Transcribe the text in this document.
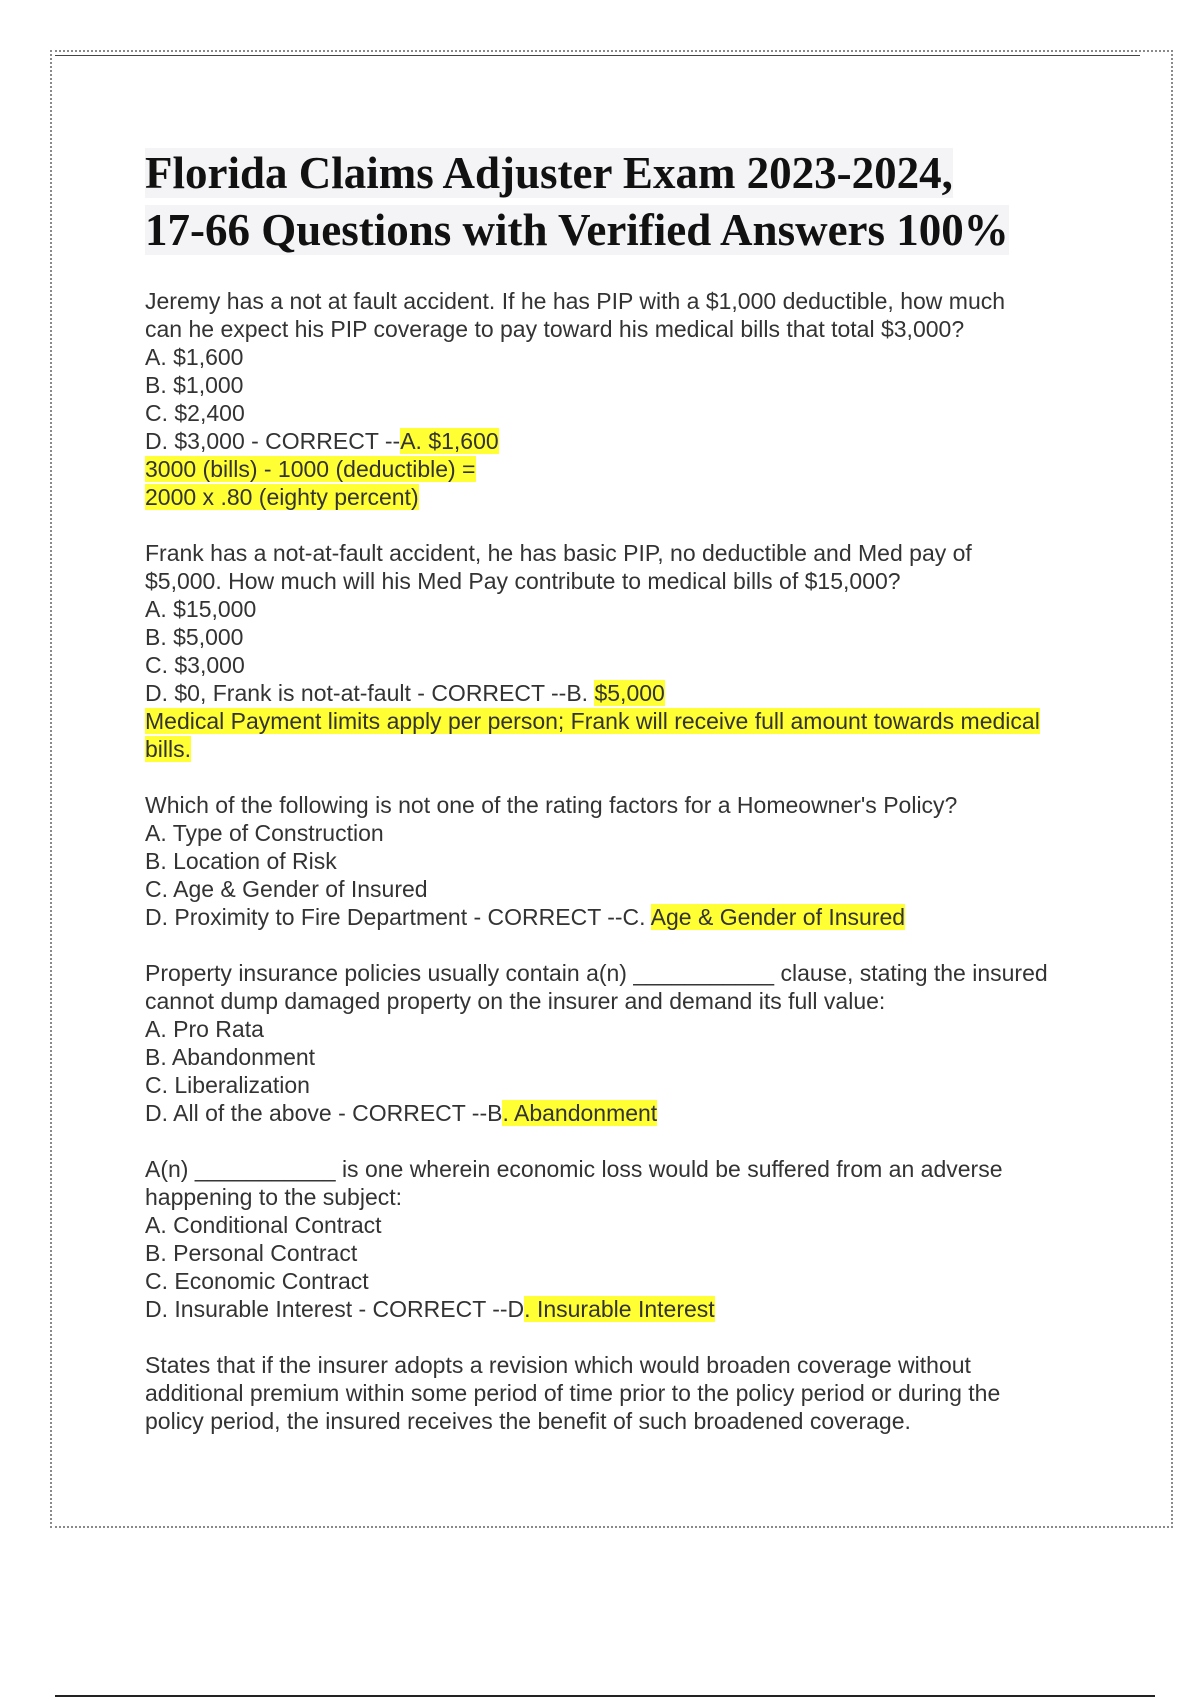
Florida Claims Adjuster Exam 2023-2024,
17-66 Questions with Verified Answers 100%
Jeremy has a not at fault accident. If he has PIP with a $1,000 deductible, how much
can he expect his PIP coverage to pay toward his medical bills that total $3,000?
A. $1,600
B. $1,000
C. $2,400
D. $3,000 - CORRECT --A. $1,600
3000 (bills) - 1000 (deductible) =
2000 x .80 (eighty percent)
Frank has a not-at-fault accident, he has basic PIP, no deductible and Med pay of
$5,000. How much will his Med Pay contribute to medical bills of $15,000?
A. $15,000
B. $5,000
C. $3,000
D. $0, Frank is not-at-fault - CORRECT --B. $5,000
Medical Payment limits apply per person; Frank will receive full amount towards medical
bills.
Which of the following is not one of the rating factors for a Homeowner's Policy?
A. Type of Construction
B. Location of Risk
C. Age & Gender of Insured
D. Proximity to Fire Department - CORRECT --C. Age & Gender of Insured
Property insurance policies usually contain a(n) ___________ clause, stating the insured
cannot dump damaged property on the insurer and demand its full value:
A. Pro Rata
B. Abandonment
C. Liberalization
D. All of the above - CORRECT --B. Abandonment
A(n) ___________ is one wherein economic loss would be suffered from an adverse
happening to the subject:
A. Conditional Contract
B. Personal Contract
C. Economic Contract
D. Insurable Interest - CORRECT --D. Insurable Interest
States that if the insurer adopts a revision which would broaden coverage without
additional premium within some period of time prior to the policy period or during the
policy period, the insured receives the benefit of such broadened coverage.
